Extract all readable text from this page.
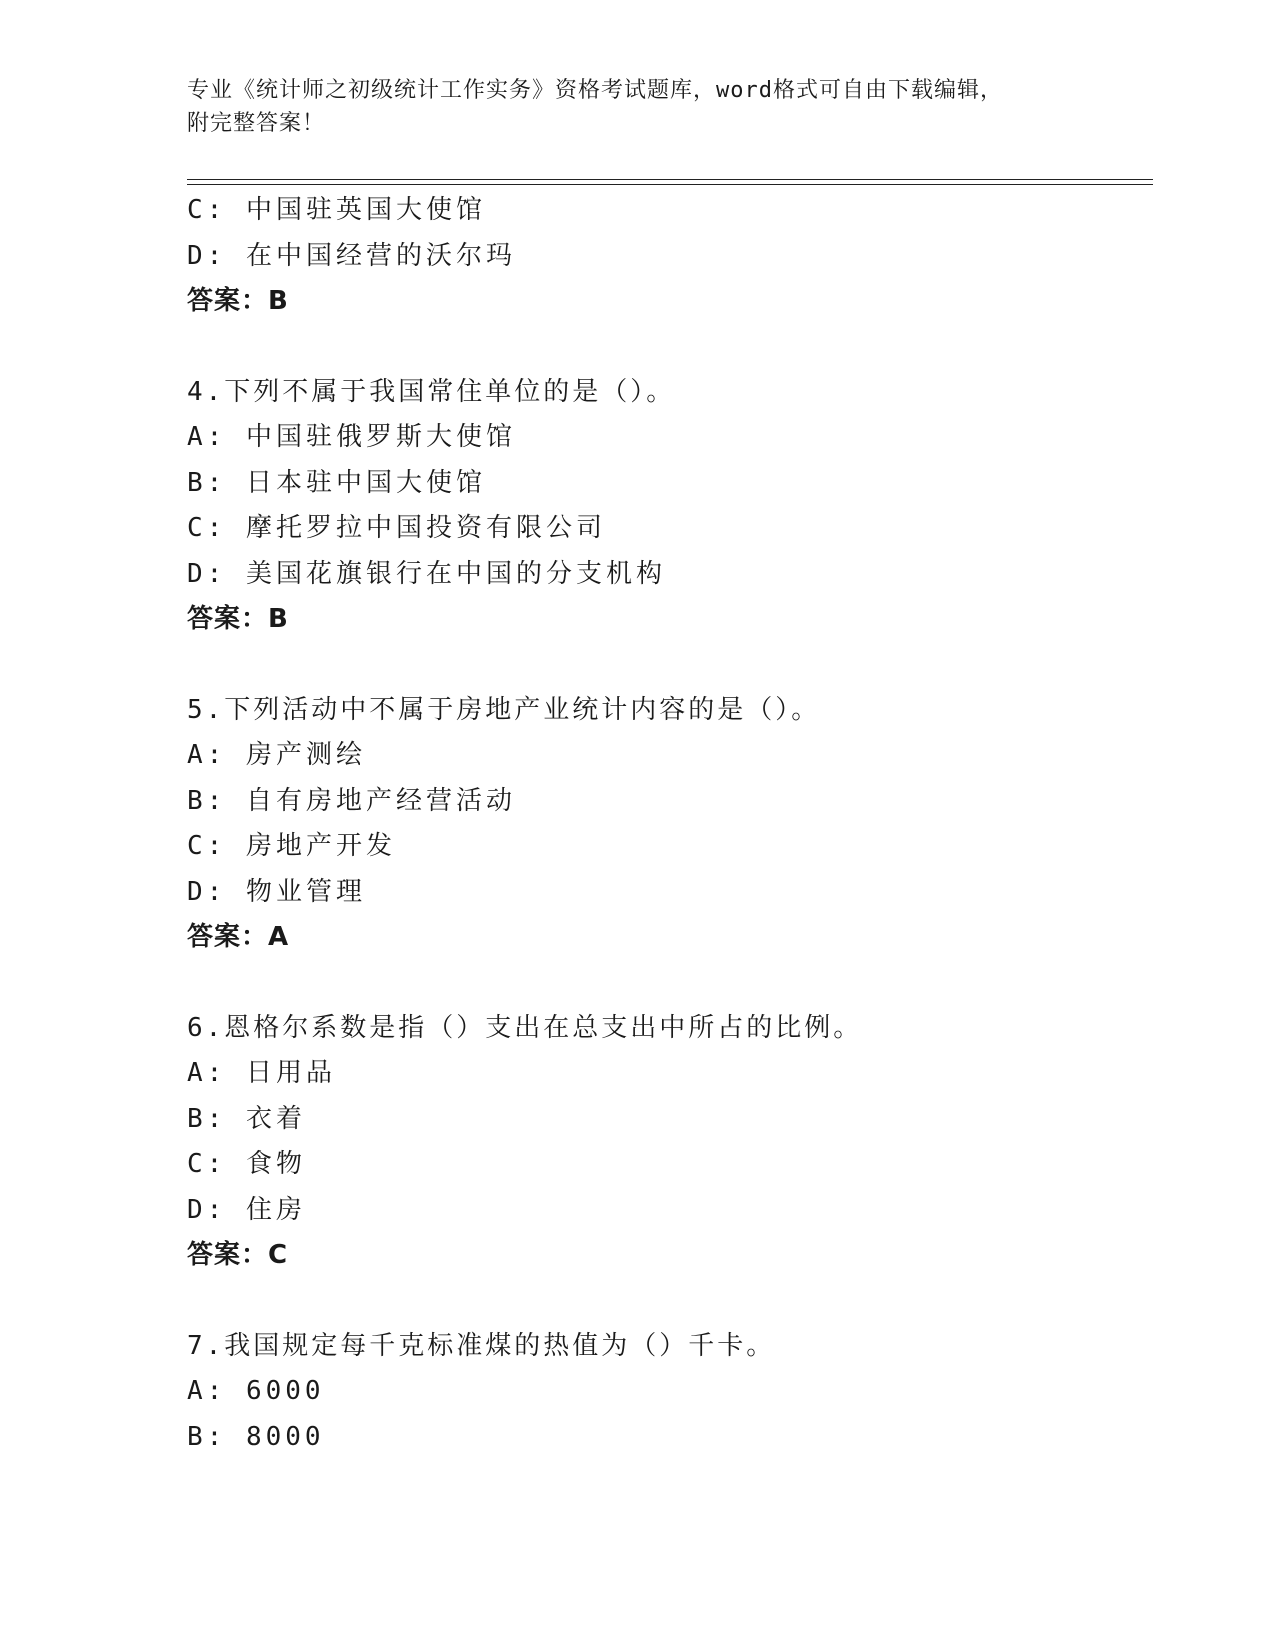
专业《统计师之初级统计工作实务》资格考试题库，word格式可自由下载编辑，
附完整答案！
C: 中国驻英国大使馆
D: 在中国经营的沃尔玛
答案：B
4.下列不属于我国常住单位的是（）。
A: 中国驻俄罗斯大使馆
B: 日本驻中国大使馆
C: 摩托罗拉中国投资有限公司
D: 美国花旗银行在中国的分支机构
答案：B
5.下列活动中不属于房地产业统计内容的是（）。
A: 房产测绘
B: 自有房地产经营活动
C: 房地产开发
D: 物业管理
答案：A
6.恩格尔系数是指（）支出在总支出中所占的比例。
A: 日用品
B: 衣着
C: 食物
D: 住房
答案：C
7.我国规定每千克标准煤的热值为（）千卡。
A: 6000
B: 8000
